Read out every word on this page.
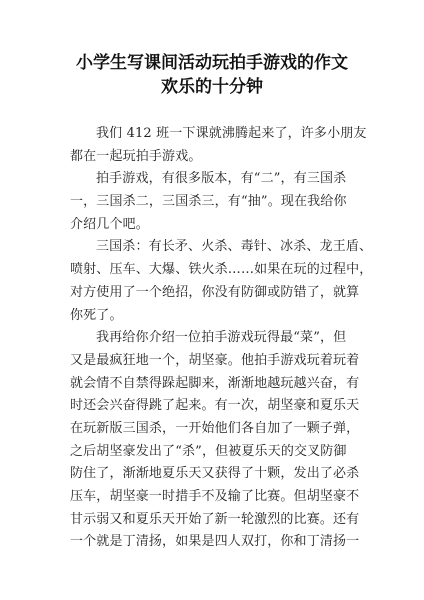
小学生写课间活动玩拍手游戏的作文
欢乐的十分钟
我们 412 班一下课就沸腾起来了，许多小朋友
都在一起玩拍手游戏。
拍手游戏，有很多版本，有“二”，有三国杀
一，三国杀二，三国杀三，有“抽”。现在我给你
介绍几个吧。
三国杀：有长矛、火杀、毒针、冰杀、龙王盾、
喷射、压车、大爆、铁火杀……如果在玩的过程中，
对方使用了一个绝招，你没有防御或防错了，就算
你死了。
我再给你介绍一位拍手游戏玩得最“菜”，但
又是最疯狂地一个，胡坚豪。他拍手游戏玩着玩着
就会情不自禁得跺起脚来，渐渐地越玩越兴奋，有
时还会兴奋得跳了起来。有一次，胡坚豪和夏乐天
在玩新版三国杀，一开始他们各自加了一颗子弹，
之后胡坚豪发出了“杀”，但被夏乐天的交叉防御
防住了，渐渐地夏乐天又获得了十颗，发出了必杀
压车，胡坚豪一时措手不及输了比赛。但胡坚豪不
甘示弱又和夏乐天开始了新一轮激烈的比赛。还有
一个就是丁清扬，如果是四人双打，你和丁清扬一
